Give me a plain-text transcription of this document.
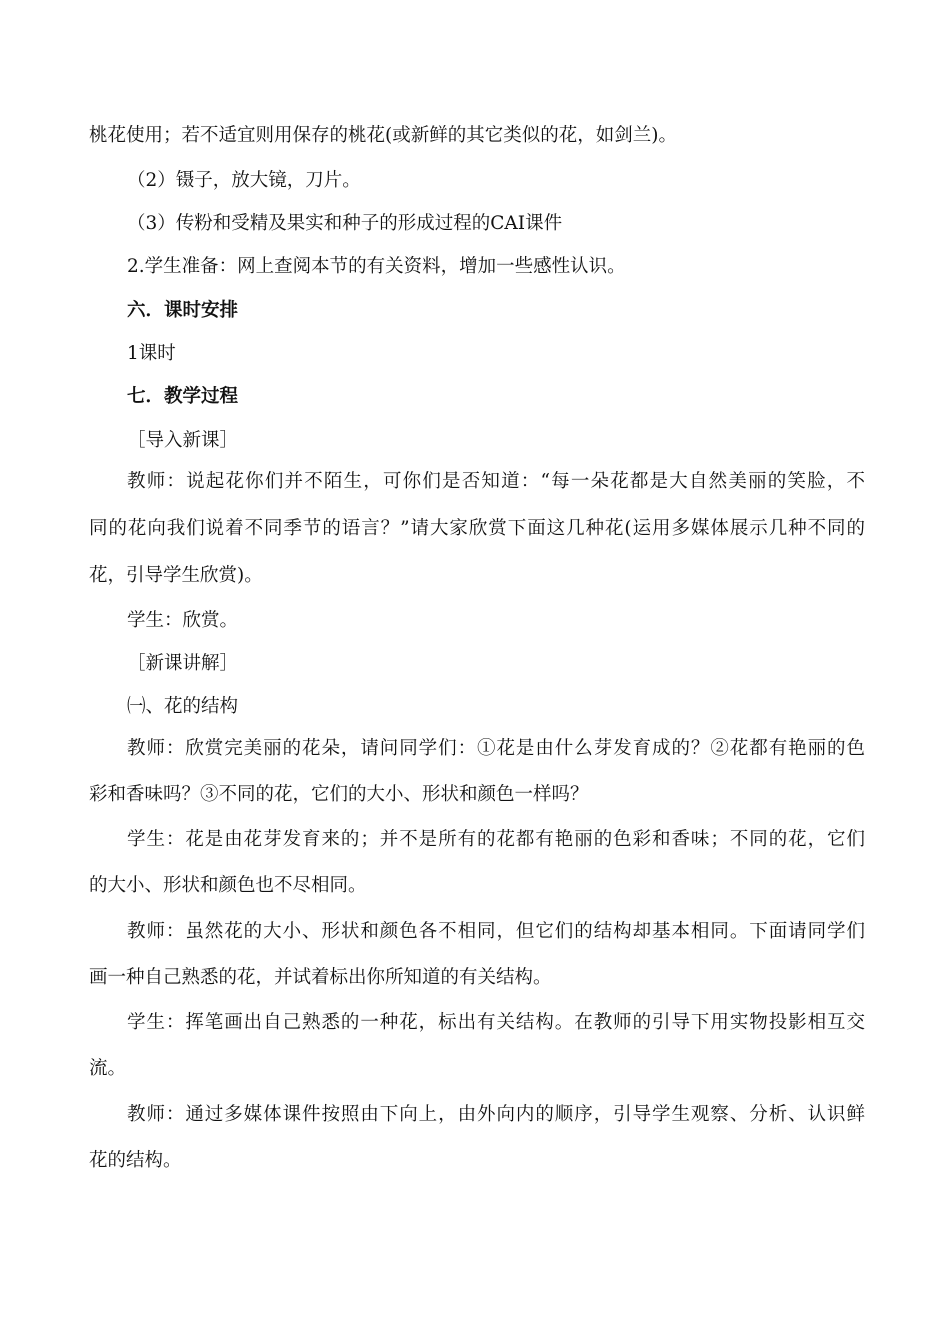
桃花使用；若不适宜则用保存的桃花(或新鲜的其它类似的花，如剑兰)。
（2）镊子，放大镜，刀片。
（3）传粉和受精及果实和种子的形成过程的CAI课件
2.学生准备：网上查阅本节的有关资料，增加一些感性认识。
六．课时安排
1课时
七．教学过程
［导入新课］
教师：说起花你们并不陌生，可你们是否知道：“每一朵花都是大自然美丽的笑脸，不
同的花向我们说着不同季节的语言？”请大家欣赏下面这几种花(运用多媒体展示几种不同的
花，引导学生欣赏)。
学生：欣赏。
［新课讲解］
㈠、花的结构
教师：欣赏完美丽的花朵，请问同学们：①花是由什么芽发育成的？②花都有艳丽的色
彩和香味吗？③不同的花，它们的大小、形状和颜色一样吗？
学生：花是由花芽发育来的；并不是所有的花都有艳丽的色彩和香味；不同的花，它们
的大小、形状和颜色也不尽相同。
教师：虽然花的大小、形状和颜色各不相同，但它们的结构却基本相同。下面请同学们
画一种自己熟悉的花，并试着标出你所知道的有关结构。
学生：挥笔画出自己熟悉的一种花，标出有关结构。在教师的引导下用实物投影相互交
流。
教师：通过多媒体课件按照由下向上，由外向内的顺序，引导学生观察、分析、认识鲜
花的结构。
